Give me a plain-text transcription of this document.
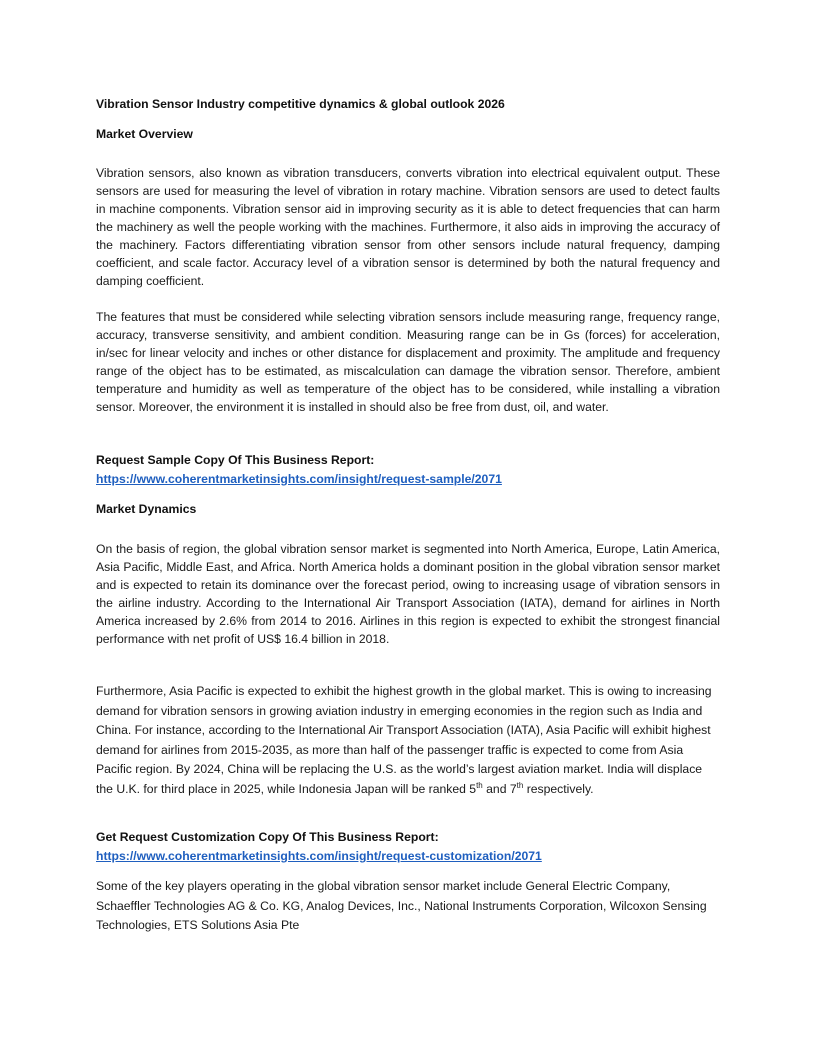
Vibration Sensor Industry competitive dynamics & global outlook 2026
Market Overview
Vibration sensors, also known as vibration transducers, converts vibration into electrical equivalent output. These sensors are used for measuring the level of vibration in rotary machine. Vibration sensors are used to detect faults in machine components. Vibration sensor aid in improving security as it is able to detect frequencies that can harm the machinery as well the people working with the machines. Furthermore, it also aids in improving the accuracy of the machinery. Factors differentiating vibration sensor from other sensors include natural frequency, damping coefficient, and scale factor. Accuracy level of a vibration sensor is determined by both the natural frequency and damping coefficient.
The features that must be considered while selecting vibration sensors include measuring range, frequency range, accuracy, transverse sensitivity, and ambient condition. Measuring range can be in Gs (forces) for acceleration, in/sec for linear velocity and inches or other distance for displacement and proximity. The amplitude and frequency range of the object has to be estimated, as miscalculation can damage the vibration sensor. Therefore, ambient temperature and humidity as well as temperature of the object has to be considered, while installing a vibration sensor. Moreover, the environment it is installed in should also be free from dust, oil, and water.
Request Sample Copy Of This Business Report:
https://www.coherentmarketinsights.com/insight/request-sample/2071
Market Dynamics
On the basis of region, the global vibration sensor market is segmented into North America, Europe, Latin America, Asia Pacific, Middle East, and Africa. North America holds a dominant position in the global vibration sensor market and is expected to retain its dominance over the forecast period, owing to increasing usage of vibration sensors in the airline industry. According to the International Air Transport Association (IATA), demand for airlines in North America increased by 2.6% from 2014 to 2016. Airlines in this region is expected to exhibit the strongest financial performance with net profit of US$ 16.4 billion in 2018.
Furthermore, Asia Pacific is expected to exhibit the highest growth in the global market. This is owing to increasing demand for vibration sensors in growing aviation industry in emerging economies in the region such as India and China. For instance, according to the International Air Transport Association (IATA), Asia Pacific will exhibit highest demand for airlines from 2015-2035, as more than half of the passenger traffic is expected to come from Asia Pacific region. By 2024, China will be replacing the U.S. as the world’s largest aviation market. India will displace the U.K. for third place in 2025, while Indonesia Japan will be ranked 5th and 7th respectively.
Get Request Customization Copy Of This Business Report:
https://www.coherentmarketinsights.com/insight/request-customization/2071
Some of the key players operating in the global vibration sensor market include General Electric Company, Schaeffler Technologies AG & Co. KG, Analog Devices, Inc., National Instruments Corporation, Wilcoxon Sensing Technologies, ETS Solutions Asia Pte
